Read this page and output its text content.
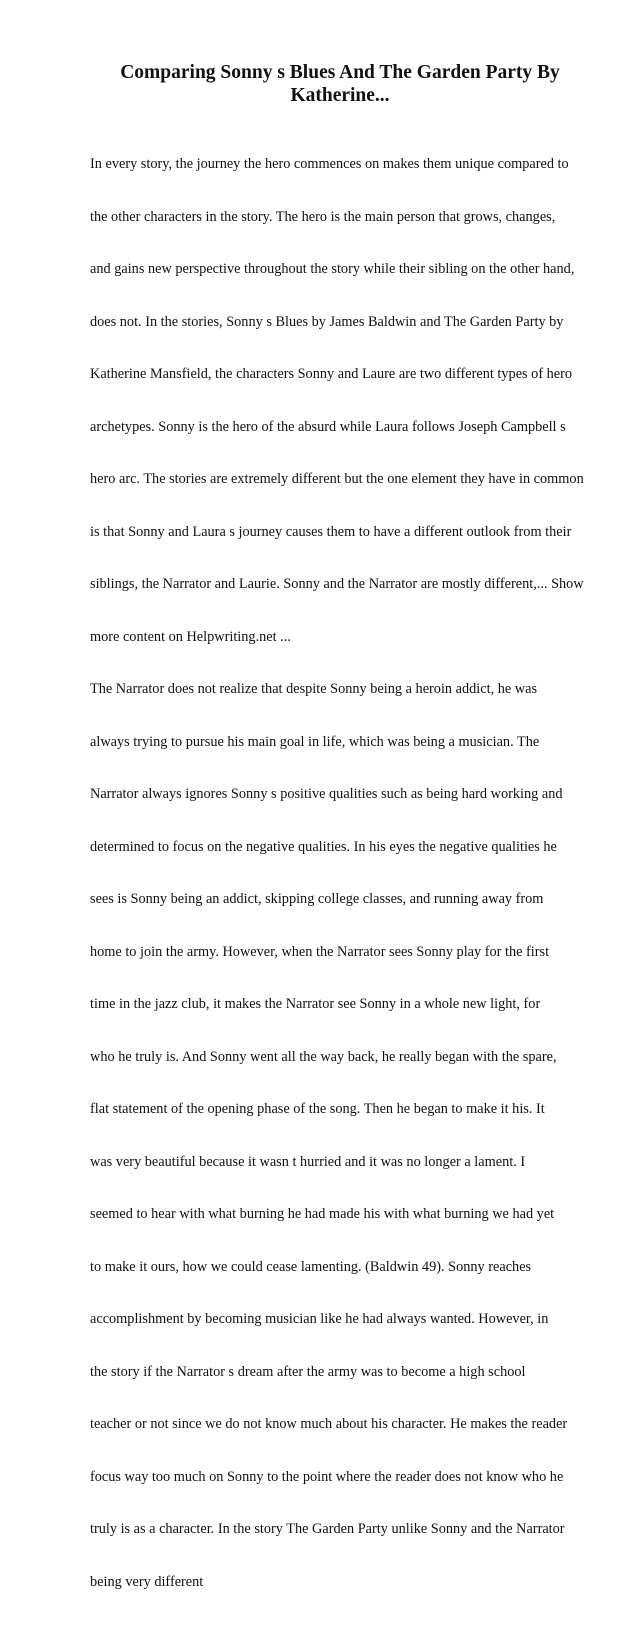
Comparing Sonny s Blues And The Garden Party By
Katherine...

In every story, the journey the hero commences on makes them unique compared to

the other characters in the story. The hero is the main person that grows, changes,

and gains new perspective throughout the story while their sibling on the other hand,

does not. In the stories, Sonny s Blues by James Baldwin and The Garden Party by

Katherine Mansfield, the characters Sonny and Laure are two different types of hero

archetypes. Sonny is the hero of the absurd while Laura follows Joseph Campbell s

hero arc. The stories are extremely different but the one element they have in common

is that Sonny and Laura s journey causes them to have a different outlook from their

siblings, the Narrator and Laurie. Sonny and the Narrator are mostly different,... Show

more content on Helpwriting.net ...

The Narrator does not realize that despite Sonny being a heroin addict, he was

always trying to pursue his main goal in life, which was being a musician. The

Narrator always ignores Sonny s positive qualities such as being hard working and

determined to focus on the negative qualities. In his eyes the negative qualities he

sees is Sonny being an addict, skipping college classes, and running away from

home to join the army. However, when the Narrator sees Sonny play for the first

time in the jazz club, it makes the Narrator see Sonny in a whole new light, for

who he truly is. And Sonny went all the way back, he really began with the spare,

flat statement of the opening phase of the song. Then he began to make it his. It

was very beautiful because it wasn t hurried and it was no longer a lament. I

seemed to hear with what burning he had made his with what burning we had yet

to make it ours, how we could cease lamenting. (Baldwin 49). Sonny reaches

accomplishment by becoming musician like he had always wanted. However, in

the story if the Narrator s dream after the army was to become a high school

teacher or not since we do not know much about his character. He makes the reader

focus way too much on Sonny to the point where the reader does not know who he

truly is as a character. In the story The Garden Party unlike Sonny and the Narrator

being very different
